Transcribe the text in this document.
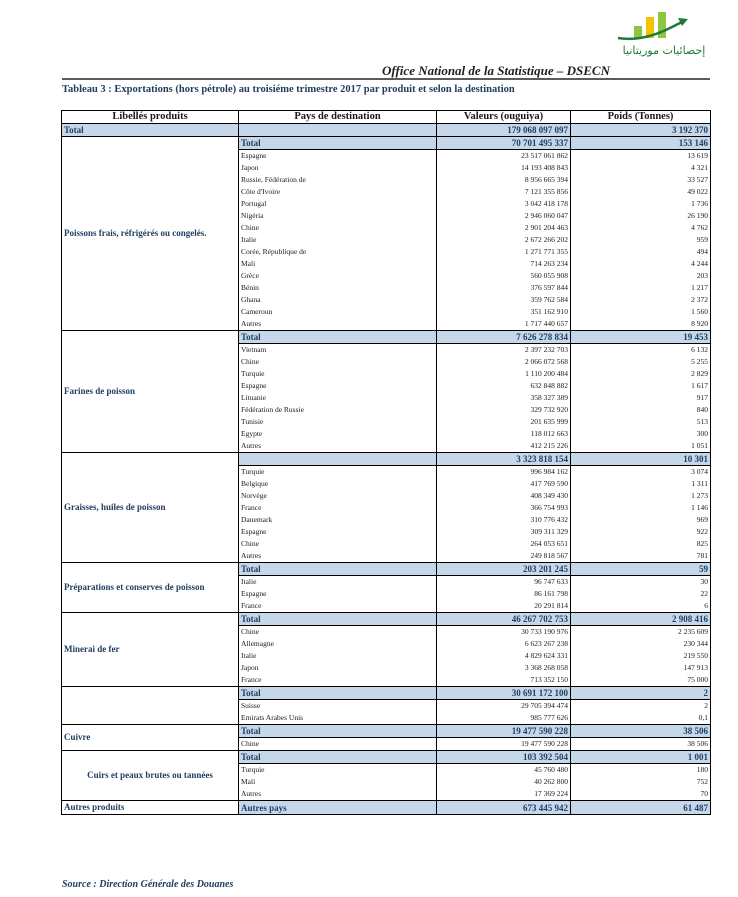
إحصائيات موريتانيا
Office National de la Statistique – DSECN
Tableau 3 : Exportations (hors pétrole) au troisiéme trimestre 2017 par produit et selon la destination
Libellés produits	Pays de destination	Valeurs (ouguiya)	Poids (Tonnes)
Total		179 068 097 097	3 192 370
Poissons frais, réfrigérés ou congelés.	Total	70 701 495 337	153 146
	Espagne	23 517 061 862	13 619
	Japon	14 193 408 843	4 321
	Russie, Fédération de	8 956 665 394	33 527
	Côte d'Ivoire	7 121 355 856	49 022
	Portugal	3 042 418 178	1 736
	Nigéria	2 946 060 047	26 190
	Chine	2 901 204 463	4 762
	Italie	2 672 266 202	959
	Corée, République de	1 271 771 355	494
	Mali	714 263 234	4 244
	Grèce	560 055 908	203
	Bénin	376 597 844	1 217
	Ghana	359 762 584	2 372
	Cameroun	351 162 910	1 560
	Autres	1 717 440 657	8 920
Farines de poisson	Total	7 626 278 834	19 453
	Vietnam	2 397 232 703	6 132
	Chine	2 066 072 568	5 255
	Turquie	1 110 200 484	2 829
	Espagne	632 848 882	1 617
	Lituanie	358 327 389	917
	Fédération de Russie	329 732 920	840
	Tunisie	201 635 999	513
	Egypte	118 012 663	300
	Autres	412 215 226	1 051
Graisses, huiles de poisson		3 323 818 154	10 301
	Turquie	996 984 162	3 074
	Belgique	417 769 590	1 311
	Norvège	408 349 430	1 273
	France	366 754 993	1 146
	Danemark	310 776 432	969
	Espagne	309 311 329	922
	Chine	264 053 651	825
	Autres	249 818 567	781
Préparations et conserves de poisson	Total	203 201 245	59
	Italie	96 747 633	30
	Espagne	86 161 798	22
	France	20 291 814	6
Minerai de fer	Total	46 267 702 753	2 908 416
	Chine	30 733 190 976	2 235 609
	Allemagne	6 623 267 238	230 344
	Italie	4 829 624 331	219 550
	Japon	3 368 268 058	147 913
	France	713 352 150	75 000
	Total	30 691 172 100	2
	Suisse	29 705 394 474	2
	Emirats Arabes Unis	985 777 626	0,1
Cuivre	Total	19 477 590 228	38 506
	Chine	19 477 590 228	38 506
Cuirs et peaux brutes ou tannées	Total	103 392 504	1 001
	Turquie	45 760 480	180
	Mali	40 262 800	752
	Autres	17 369 224	70
Autres produits	Autres pays	673 445 942	61 487
Source : Direction Générale des Douanes
